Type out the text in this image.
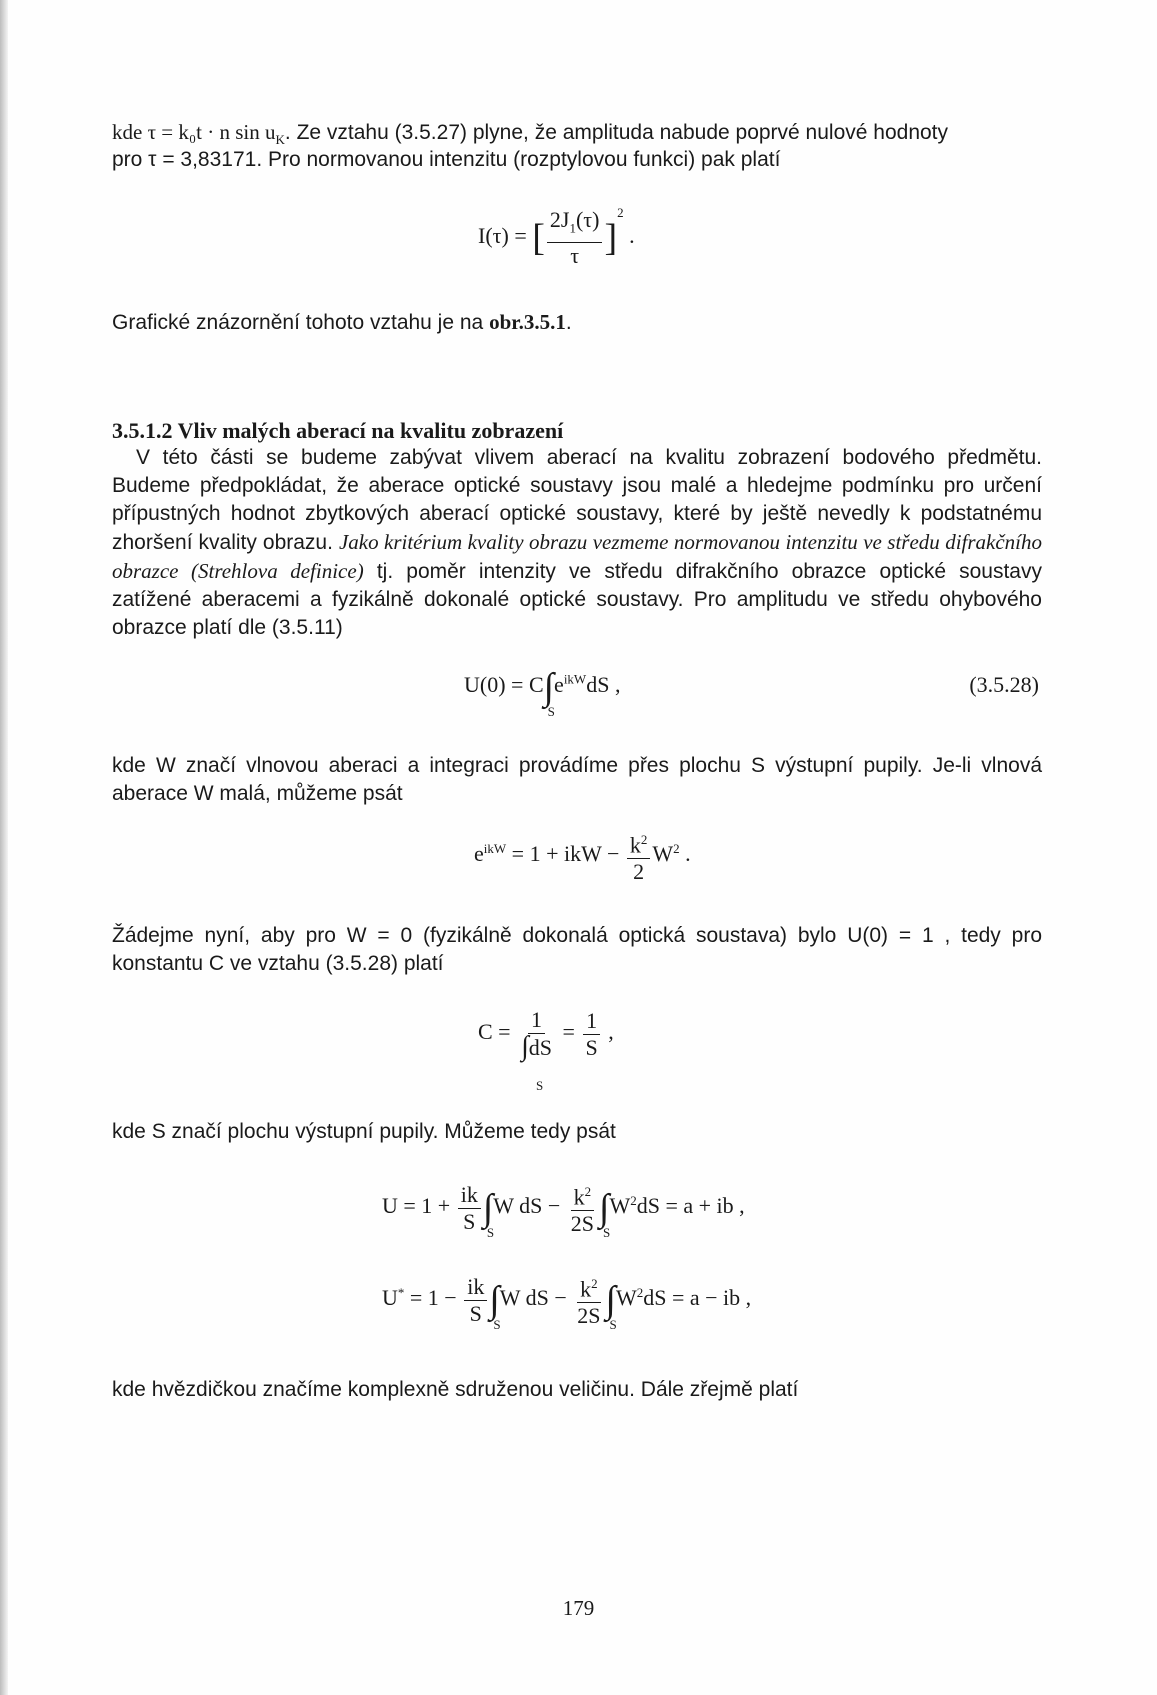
kde τ = k₀t · n $\sin u_K$. Ze vztahu (3.5.27) plyne, že amplituda nabude poprvé nulové hodnoty

pro τ = 3,83171. Pro normovanou intenzitu (rozptylovou funkci) pak platí

I(τ) = [ $\frac{2J_1(\tau)}{\tau} ]^2$ .

Grafické znázornění tohoto vztahu je na obr.3.5.1.

3.5.1.2 Vliv malých aberací na kvalitu zobrazení

V této části se budeme zabývat vlivem aberací na kvalitu zobrazení bodového předmětu. Budeme předpokládat, že aberace optické soustavy jsou malé a hledejme podmínku pro určení přípustných hodnot zbytkových aberací optické soustavy, které by ještě nevedly k podstatnému zhoršení kvality obrazu. Jako kritérium kvality obrazu vezmeme normovanou intenzitu ve středu difrakčního obrazce (Strehlova definice) tj. poměr intenzity ve středu difrakčního obrazce optické soustavy zatížené aberacemi a fyzikálně dokonalé optické soustavy. Pro amplitudu ve středu ohybového obrazce platí dle (3.5.11)

U(0) = C∫
S
$e^{ikW}dS$ ,	(3.5.28)

kde W značí vlnovou aberaci a integraci provádíme přes plochu S výstupní pupily. Je-li vlnová aberace W malá, můžeme psát

$e^{ikW} = 1$ + ikW − $\frac{k^2}{2} W^2$ .

Žádejme nyní, aby pro W = 0 (fyzikálně dokonalá optická soustava) bylo U(0) = 1 , tedy pro konstantu C ve vztahu (3.5.28) platí

$C = \frac{1}{\int dS} = \frac{1}{S}$ ,
S

kde S značí plochu výstupní pupily. Můžeme tedy psát

$U = 1 + \frac{ik}{S}$ ∫
S
W dS − $\frac{k^2}{2S}$ ∫
S
$W^2dS = a$ + ib ,
$U^* = 1 - \frac{ik}{S}$ ∫
S
W dS − $\frac{k^2}{2S}$ ∫
S
$W^2dS = a$ − ib ,

kde hvězdičkou značíme komplexně sdruženou veličinu. Dále zřejmě platí

179
